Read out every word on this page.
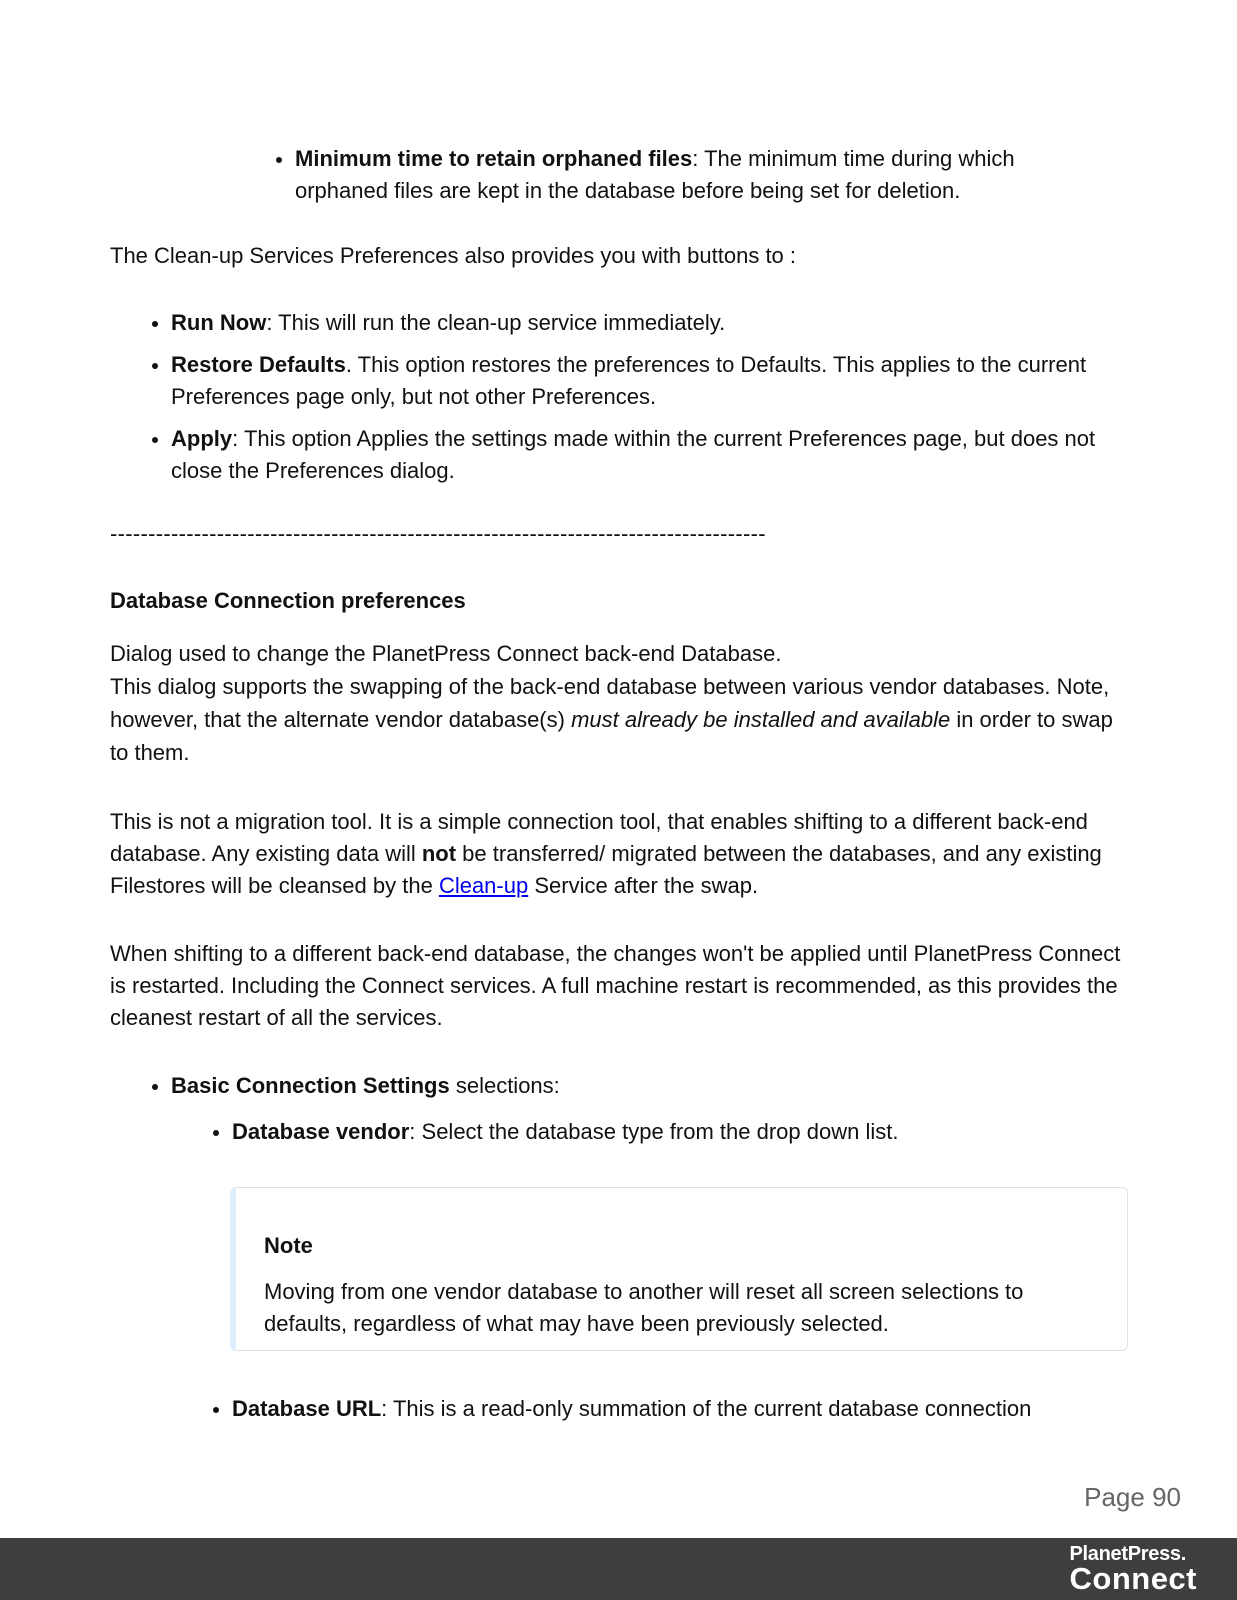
Minimum time to retain orphaned files: The minimum time during which orphaned files are kept in the database before being set for deletion.

The Clean-up Services Preferences also provides you with buttons to :

Run Now: This will run the clean-up service immediately.
Restore Defaults. This option restores the preferences to Defaults. This applies to the current Preferences page only, but not other Preferences.
Apply: This option Applies the settings made within the current Preferences page, but does not close the Preferences dialog.

--------------------------------------------------------------------------------------

Database Connection preferences

Dialog used to change the PlanetPress Connect back-end Database.

This dialog supports the swapping of the back-end database between various vendor databases. Note, however, that the alternate vendor database(s) must already be installed and available in order to swap to them.

This is not a migration tool. It is a simple connection tool, that enables shifting to a different back-end database. Any existing data will not be transferred/ migrated between the databases, and any existing Filestores will be cleansed by the Clean-up Service after the swap.

When shifting to a different back-end database, the changes won't be applied until PlanetPress Connect is restarted. Including the Connect services. A full machine restart is recommended, as this provides the cleanest restart of all the services.

Basic Connection Settings selections:
Database vendor: Select the database type from the drop down list.

Note

Moving from one vendor database to another will reset all screen selections to defaults, regardless of what may have been previously selected.

Database URL: This is a read-only summation of the current database connection
Page 90
PlanetPress.
Connect
